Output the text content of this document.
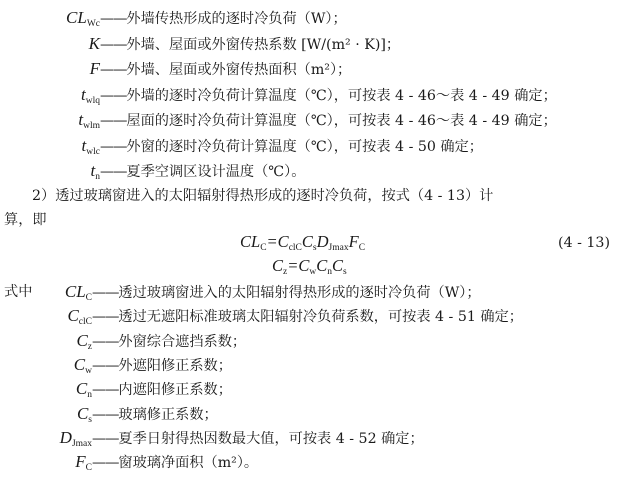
$CL_{Wc}——$外墙传热形成的逐时冷负荷（W）；
K——外墙、屋面或外窗传热系数 [W/(m² · K)]；
F——外墙、屋面或外窗传热面积（m²）；
$t_{wlq}——$外墙的逐时冷负荷计算温度（℃），可按表 4 - 46～表 4 - 49 确定；
$t_{wlm}——$屋面的逐时冷负荷计算温度（℃），可按表 4 - 46～表 4 - 49 确定；
$t_{wlc}——$外窗的逐时冷负荷计算温度（℃），可按表 4 - 50 确定；
$t_n——$夏季空调区设计温度（℃）。
2）透过玻璃窗进入的太阳辐射得热形成的逐时冷负荷，按式（4 - 13）计
算，即
$CL_C=C_{clC}C_sD_{Jmax}F_C$	(4 - 13)
$C_z=C_wC_nC_s$
式中	$CL_C——$透过玻璃窗进入的太阳辐射得热形成的逐时冷负荷（W）；
$C_{clC}——$透过无遮阳标准玻璃太阳辐射冷负荷系数，可按表 4 - 51 确定；
$C_z——$外窗综合遮挡系数；
$C_w——$外遮阳修正系数；
$C_n——$内遮阳修正系数；
$C_s——$玻璃修正系数；
$D_{Jmax}——$夏季日射得热因数最大值，可按表 4 - 52 确定；
$F_C——$窗玻璃净面积（m²）。
